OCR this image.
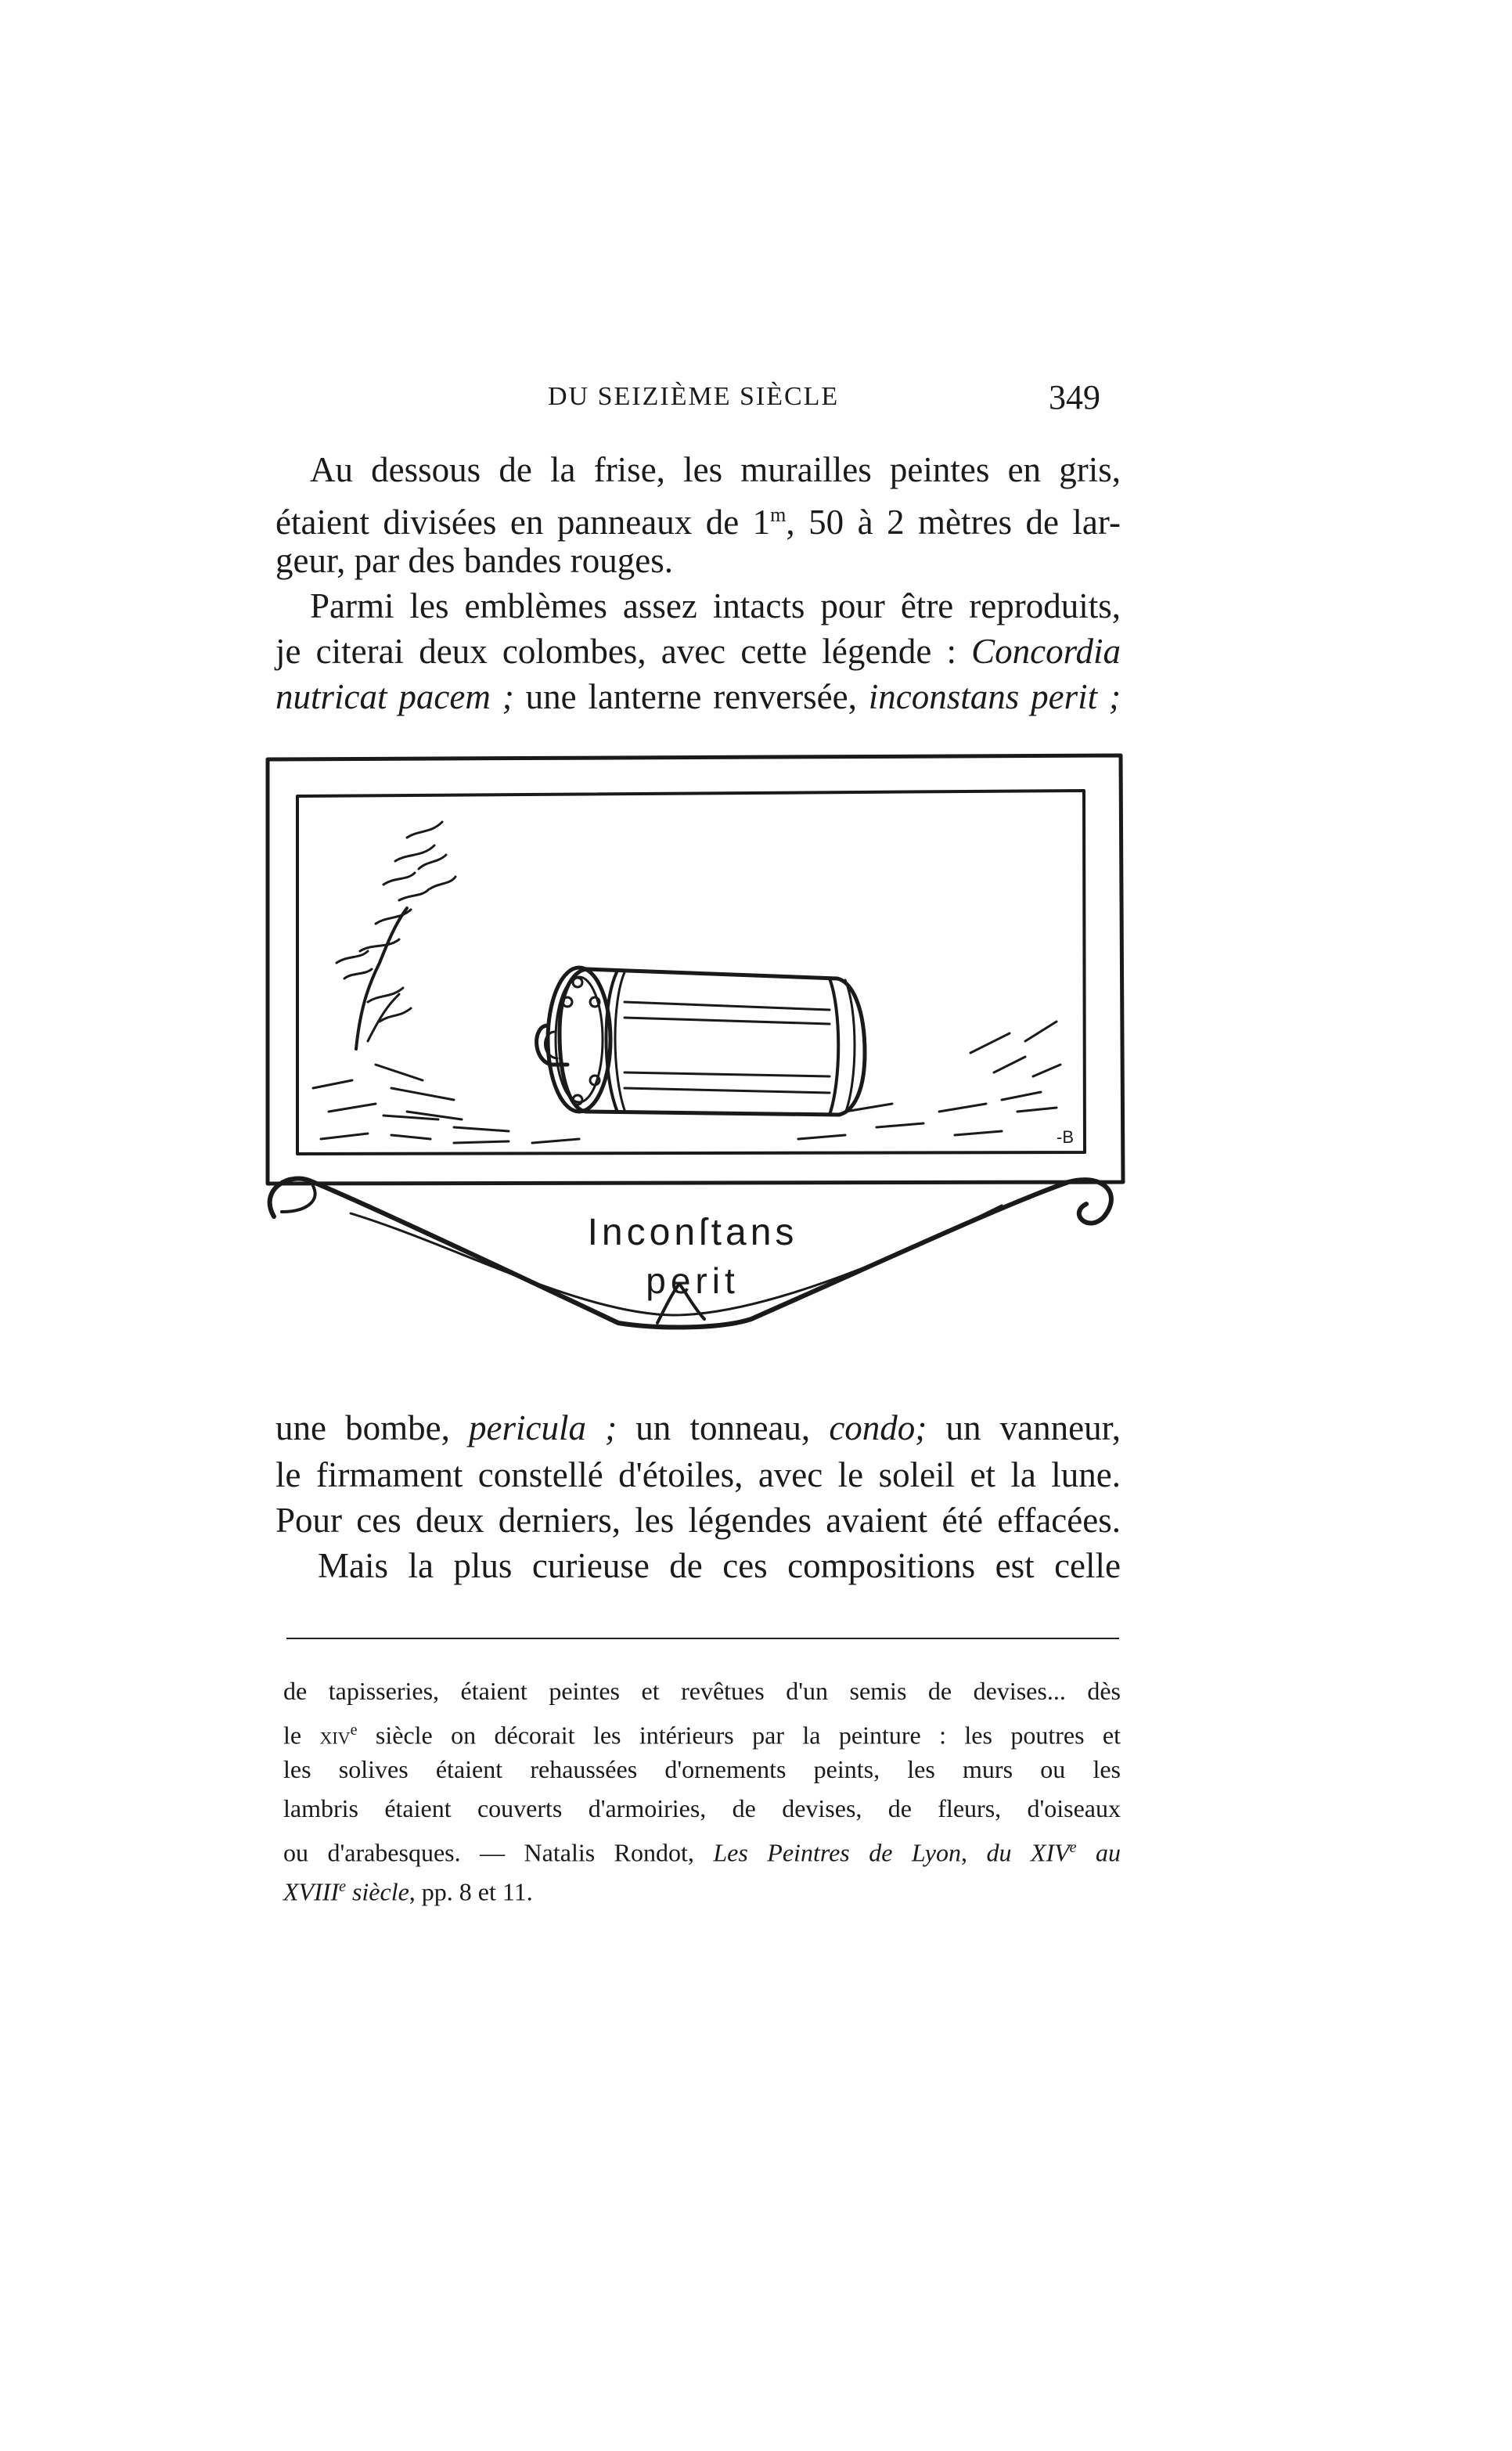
DU SEIZIÈME SIÈCLE	349
Au dessous de la frise, les murailles peintes en gris,
étaient divisées en panneaux de 1$^m$, 50 à 2 mètres de lar-
geur, par des bandes rouges.
Parmi les emblèmes assez intacts pour être reproduits,
je citerai deux colombes, avec cette légende : Concordia
nutricat pacem ; une lanterne renversée, inconstans perit ;
Inconſtans
perit
-B
une bombe, pericula ; un tonneau, condo; un vanneur,
le firmament constellé d'étoiles, avec le soleil et la lune.
Pour ces deux derniers, les légendes avaient été effacées.
Mais la plus curieuse de ces compositions est celle
de tapisseries, étaient peintes et revêtues d'un semis de devises... dès
le xiv$^e$ siècle on décorait les intérieurs par la peinture : les poutres et
les solives étaient rehaussées d'ornements peints, les murs ou les
lambris étaient couverts d'armoiries, de devises, de fleurs, d'oiseaux
ou d'arabesques. — Natalis Rondot, Les Peintres de Lyon, du XIVe au
XVIIIe siècle, pp. 8 et 11.
